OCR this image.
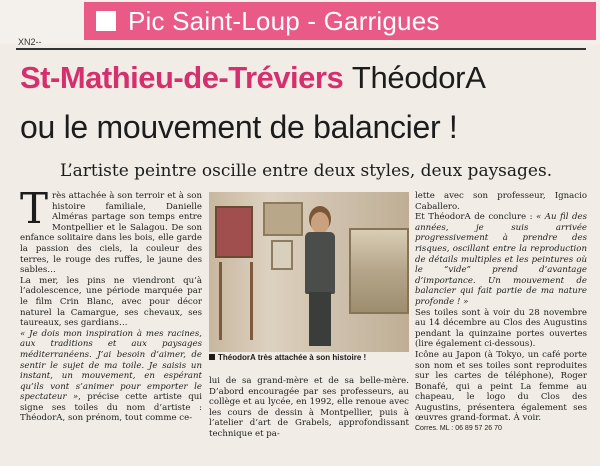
Pic Saint-Loup - Garrigues
XN2--
St-Mathieu-de-Tréviers ThéodorA
ou le mouvement de balancier !
L’artiste peintre oscille entre deux styles, deux paysages.

Très attachée à son terroir et à son histoire familiale, Danielle Alméras partage son temps entre Montpellier et le Salagou. De son enfance solitaire dans les bois, elle garde la passion des ciels, la couleur des terres, le rouge des ruffes, le jaune des sables…

La mer, les pins ne viendront qu’à l’adolescence, une période marquée par le film Crin Blanc, avec pour décor naturel la Camargue, ses chevaux, ses taureaux, ses gardians…

« Je dois mon inspiration à mes racines, aux traditions et aux paysages méditerranéens. J’ai besoin d’aimer, de sentir le sujet de ma toile. Je saisis un instant, un mouvement, en espérant qu’ils vont s’animer pour emporter le spectateur », précise cette artiste qui signe ses toiles du nom d’artiste : ThéodorA, son prénom, tout comme ce-

ThéodorA très attachée à son histoire !

lui de sa grand-mère et de sa belle-mère. D’abord encouragée par ses professeurs, au collège et au lycée, en 1992, elle renoue avec les cours de dessin à Montpellier, puis à l’atelier d’art de Grabels, approfondissant technique et pa-

lette avec son professeur, Ignacio Caballero.

Et ThéodorA de conclure : « Au fil des années, je suis arrivée progressivement à prendre des risques, oscillant entre la reproduction de détails multiples et les peintures où le “vide” prend d’avantage d’importance. Un mouvement de balancier qui fait partie de ma nature profonde ! »

Ses toiles sont à voir du 28 novembre au 14 décembre au Clos des Augustins pendant la quinzaine portes ouvertes (lire également ci-dessous).

Icône au Japon (à Tokyo, un café porte son nom et ses toiles sont reproduites sur les cartes de téléphone), Roger Bonafé, qui a peint La femme au chapeau, le logo du Clos des Augustins, présentera également ses œuvres grand-format. À voir.

Corres. ML : 06 89 57 26 70
